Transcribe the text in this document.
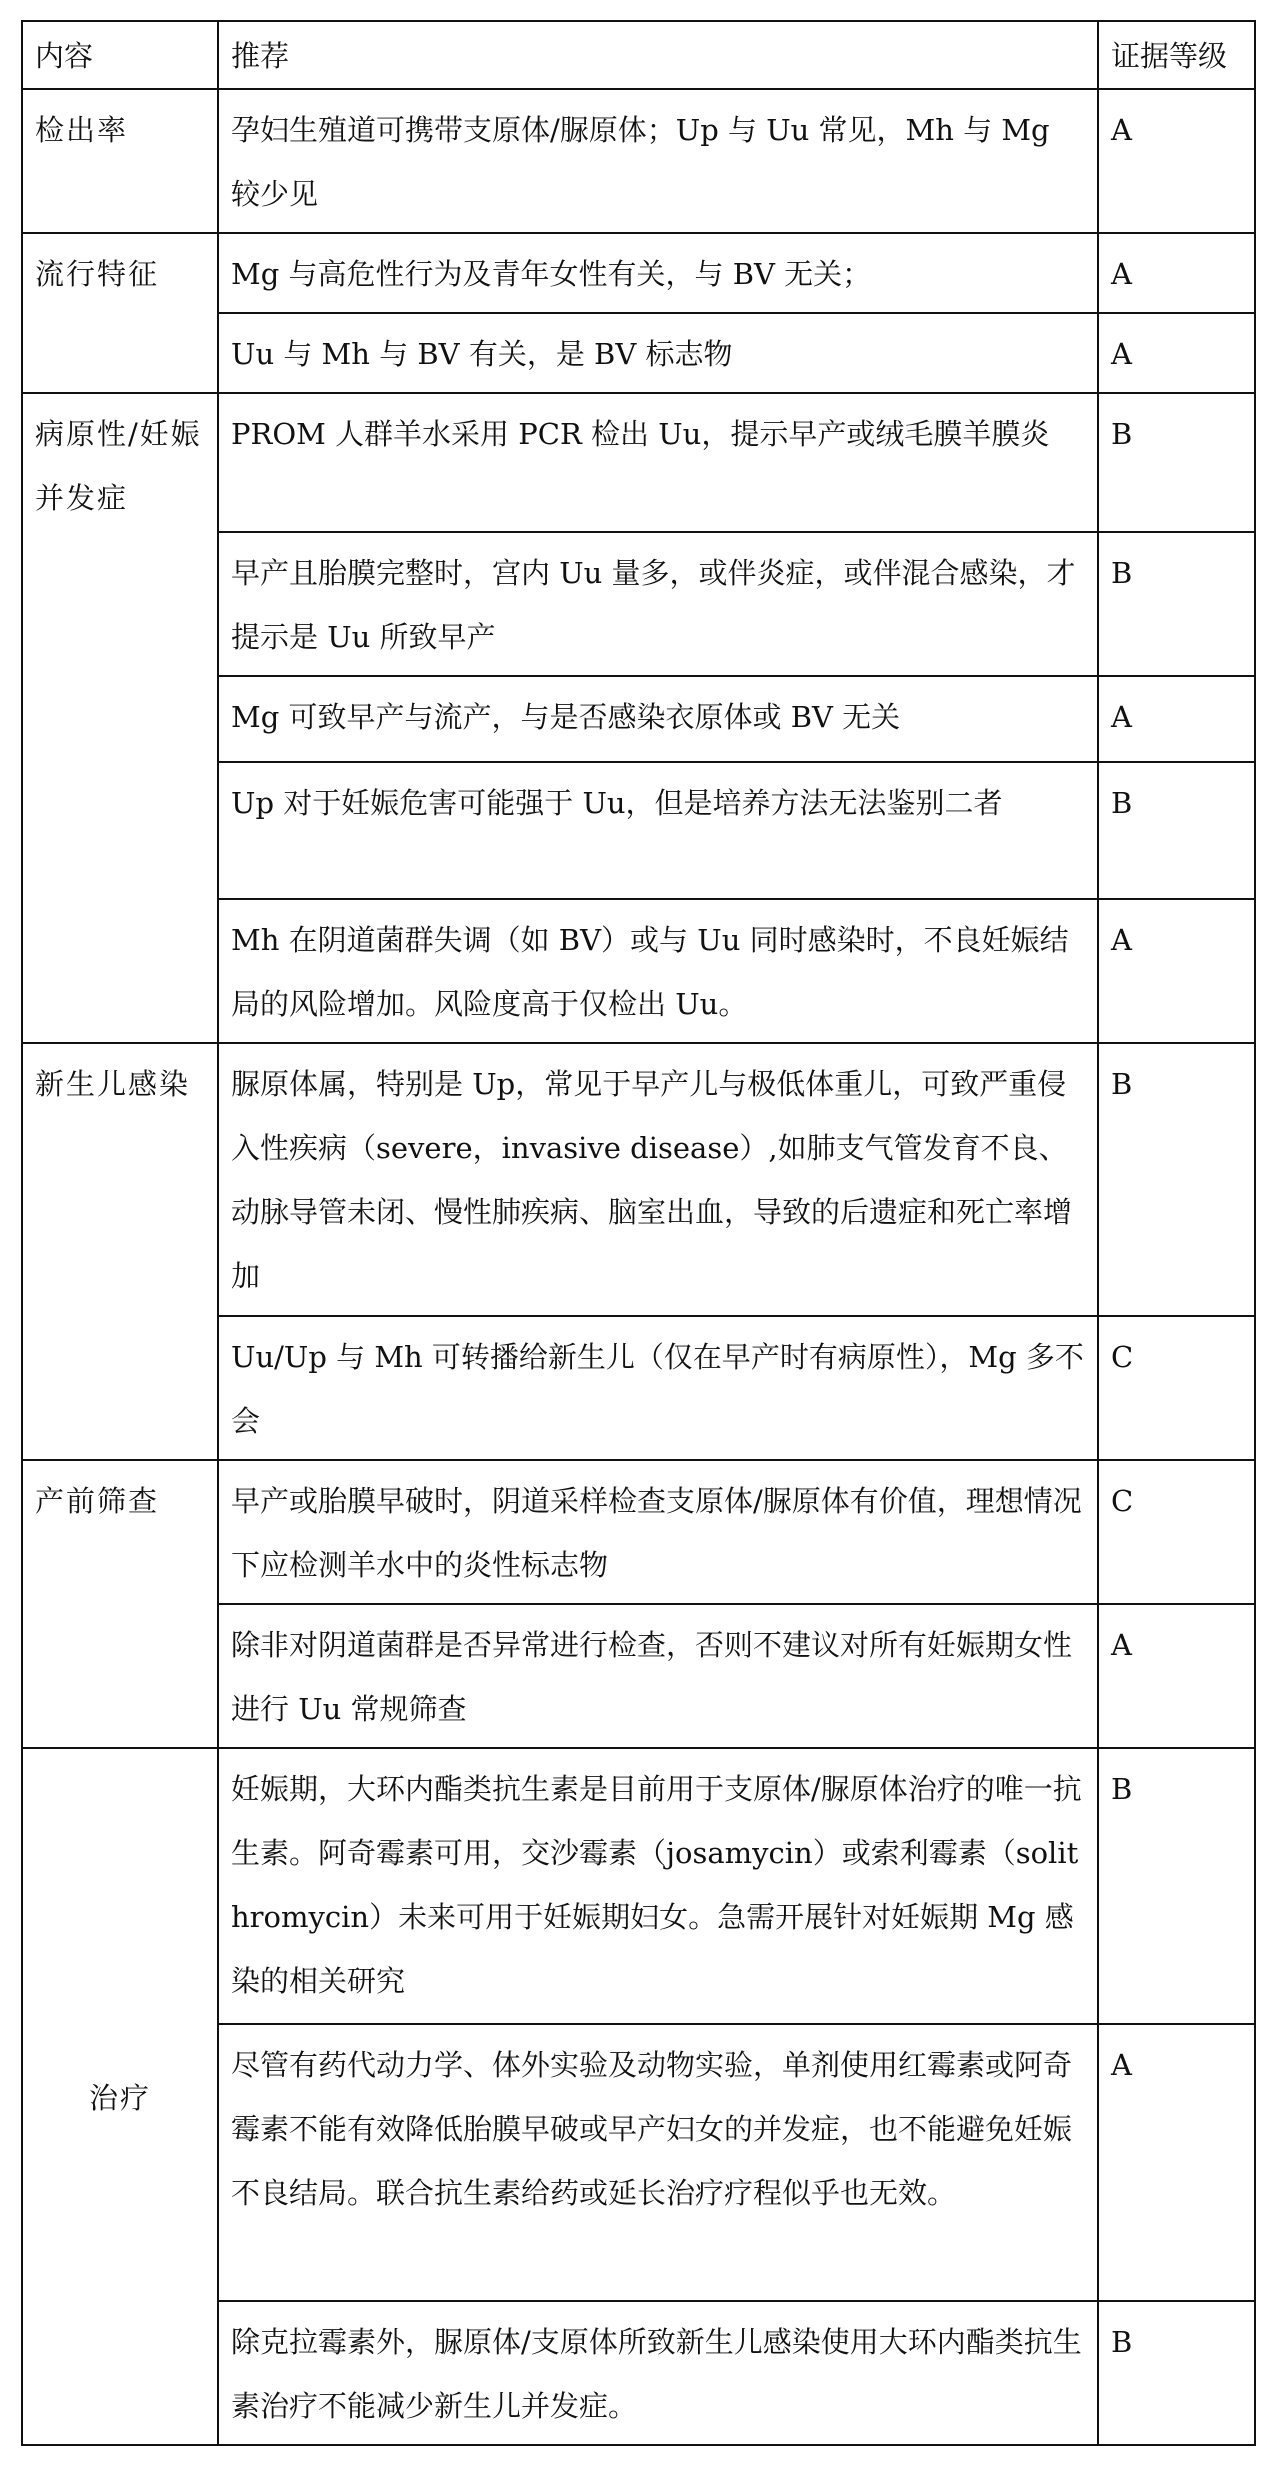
内容	推荐	证据等级
检出率	孕妇生殖道可携带支原体/脲原体；Up 与 Uu 常见，Mh 与 Mg 较少见	A
流行特征	Mg 与高危性行为及青年女性有关，与 BV 无关；	A
	Uu 与 Mh 与 BV 有关，是 BV 标志物	A
病原性/妊娠并发症	PROM 人群羊水采用 PCR 检出 Uu，提示早产或绒毛膜羊膜炎	B
	早产且胎膜完整时，宫内 Uu 量多，或伴炎症，或伴混合感染，才提示是 Uu 所致早产	B
	Mg 可致早产与流产，与是否感染衣原体或 BV 无关	A
	Up 对于妊娠危害可能强于 Uu，但是培养方法无法鉴别二者	B
	Mh 在阴道菌群失调（如 BV）或与 Uu 同时感染时，不良妊娠结局的风险增加。风险度高于仅检出 Uu。	A
新生儿感染	脲原体属，特别是 Up，常见于早产儿与极低体重儿，可致严重侵入性疾病（severe，invasive disease）,如肺支气管发育不良、动脉导管未闭、慢性肺疾病、脑室出血，导致的后遗症和死亡率增加	B
	Uu/Up 与 Mh 可转播给新生儿（仅在早产时有病原性），Mg 多不会	C
产前筛查	早产或胎膜早破时，阴道采样检查支原体/脲原体有价值，理想情况下应检测羊水中的炎性标志物	C
	除非对阴道菌群是否异常进行检查，否则不建议对所有妊娠期女性进行 Uu 常规筛查	A
治疗	妊娠期，大环内酯类抗生素是目前用于支原体/脲原体治疗的唯一抗生素。阿奇霉素可用，交沙霉素（josamycin）或索利霉素（solithromycin）未来可用于妊娠期妇女。急需开展针对妊娠期 Mg 感染的相关研究	B
	尽管有药代动力学、体外实验及动物实验，单剂使用红霉素或阿奇霉素不能有效降低胎膜早破或早产妇女的并发症，也不能避免妊娠不良结局。联合抗生素给药或延长治疗疗程似乎也无效。	A
	除克拉霉素外，脲原体/支原体所致新生儿感染使用大环内酯类抗生素治疗不能减少新生儿并发症。	B
